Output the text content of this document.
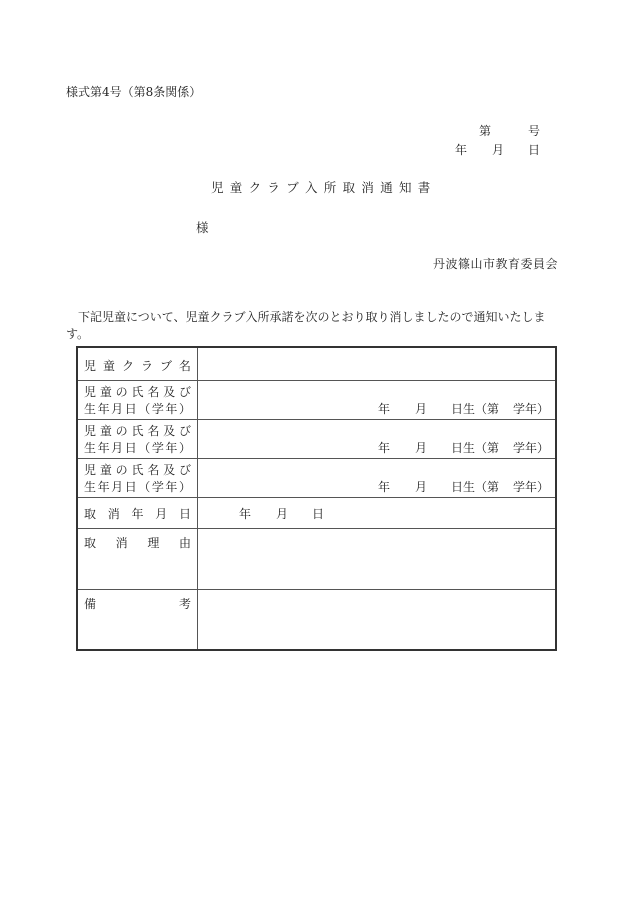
様式第4号（第8条関係）
第	号
年 月 日
児童クラブ入所取消通知書
様
丹波篠山市教育委員会
下記児童について、児童クラブ入所承諾を次のとおり取り消しましたので通知いたします。
児 童 ク ラ ブ 名

児 童 の 氏 名 及 び
生 年 月 日 （ 学 年 ）	年	月	日生（第	学年）

児 童 の 氏 名 及 び
生 年 月 日 （ 学 年 ）	年	月	日生（第	学年）

児 童 の 氏 名 及 び
生 年 月 日 （ 学 年 ）	年	月	日生（第	学年）

取 消 年 月 日	年 月 日

取 消 理 由	

備 考	
